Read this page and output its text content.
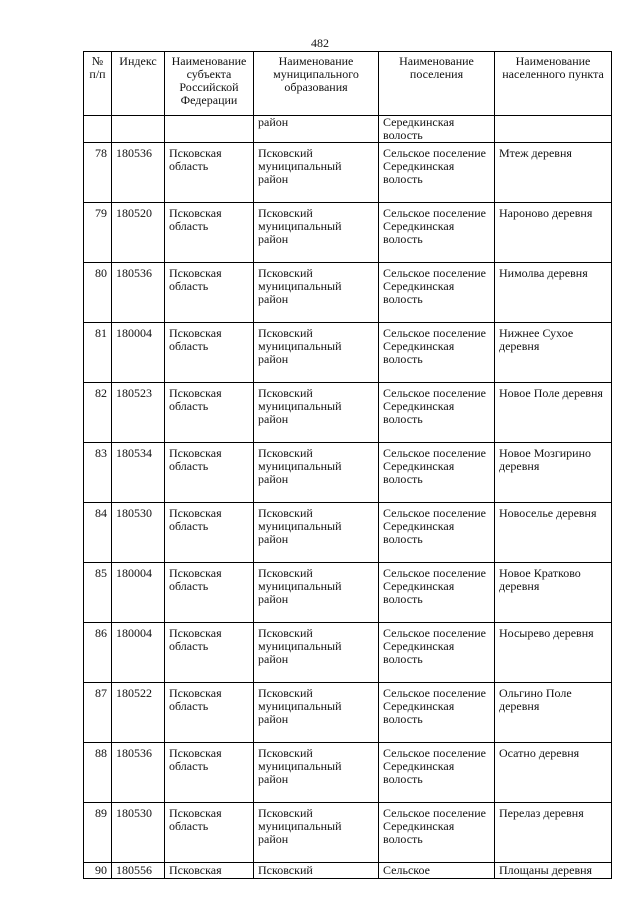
482
№ п/п	Индекс	Наименование субъекта Российской Федерации	Наименование муниципального образования	Наименование поселения	Наименование населенного пункта
			район	Середкинская волость	
78	180536	Псковская область	Псковский муниципальный район	Сельское поселение Середкинская волость	Мтеж деревня
79	180520	Псковская область	Псковский муниципальный район	Сельское поселение Середкинская волость	Нароново деревня
80	180536	Псковская область	Псковский муниципальный район	Сельское поселение Середкинская волость	Нимолва деревня
81	180004	Псковская область	Псковский муниципальный район	Сельское поселение Середкинская волость	Нижнее Сухое деревня
82	180523	Псковская область	Псковский муниципальный район	Сельское поселение Середкинская волость	Новое Поле деревня
83	180534	Псковская область	Псковский муниципальный район	Сельское поселение Середкинская волость	Новое Мозгирино деревня
84	180530	Псковская область	Псковский муниципальный район	Сельское поселение Середкинская волость	Новоселье деревня
85	180004	Псковская область	Псковский муниципальный район	Сельское поселение Середкинская волость	Новое Кратково деревня
86	180004	Псковская область	Псковский муниципальный район	Сельское поселение Середкинская волость	Носырево деревня
87	180522	Псковская область	Псковский муниципальный район	Сельское поселение Середкинская волость	Ольгино Поле деревня
88	180536	Псковская область	Псковский муниципальный район	Сельское поселение Середкинская волость	Осатно деревня
89	180530	Псковская область	Псковский муниципальный район	Сельское поселение Середкинская волость	Перелаз деревня
90	180556	Псковская	Псковский	Сельское	Площаны деревня
